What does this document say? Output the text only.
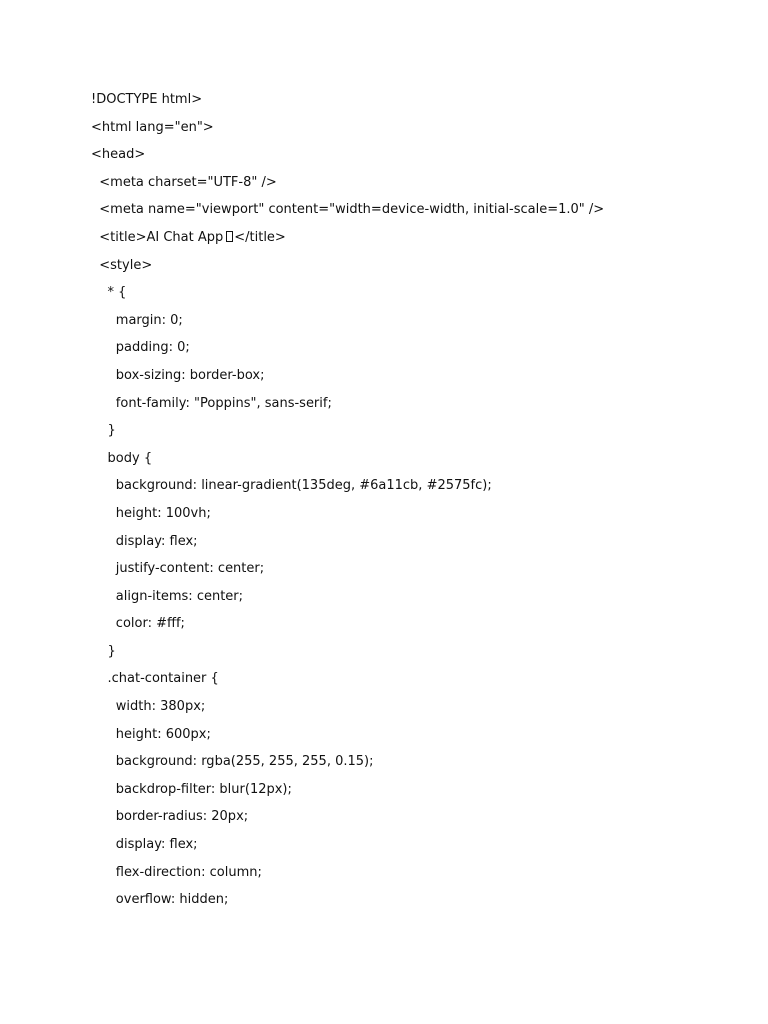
!DOCTYPE html>
<html lang="en">
<head>
<meta charset="UTF-8" />
<meta name="viewport" content="width=device-width, initial-scale=1.0" />
<title>AI Chat App </title>
<style>
* {
margin: 0;
padding: 0;
box-sizing: border-box;
font-family: "Poppins", sans-serif;
}
body {
background: linear-gradient(135deg, #6a11cb, #2575fc);
height: 100vh;
display: flex;
justify-content: center;
align-items: center;
color: #fff;
}
.chat-container {
width: 380px;
height: 600px;
background: rgba(255, 255, 255, 0.15);
backdrop-filter: blur(12px);
border-radius: 20px;
display: flex;
flex-direction: column;
overflow: hidden;
